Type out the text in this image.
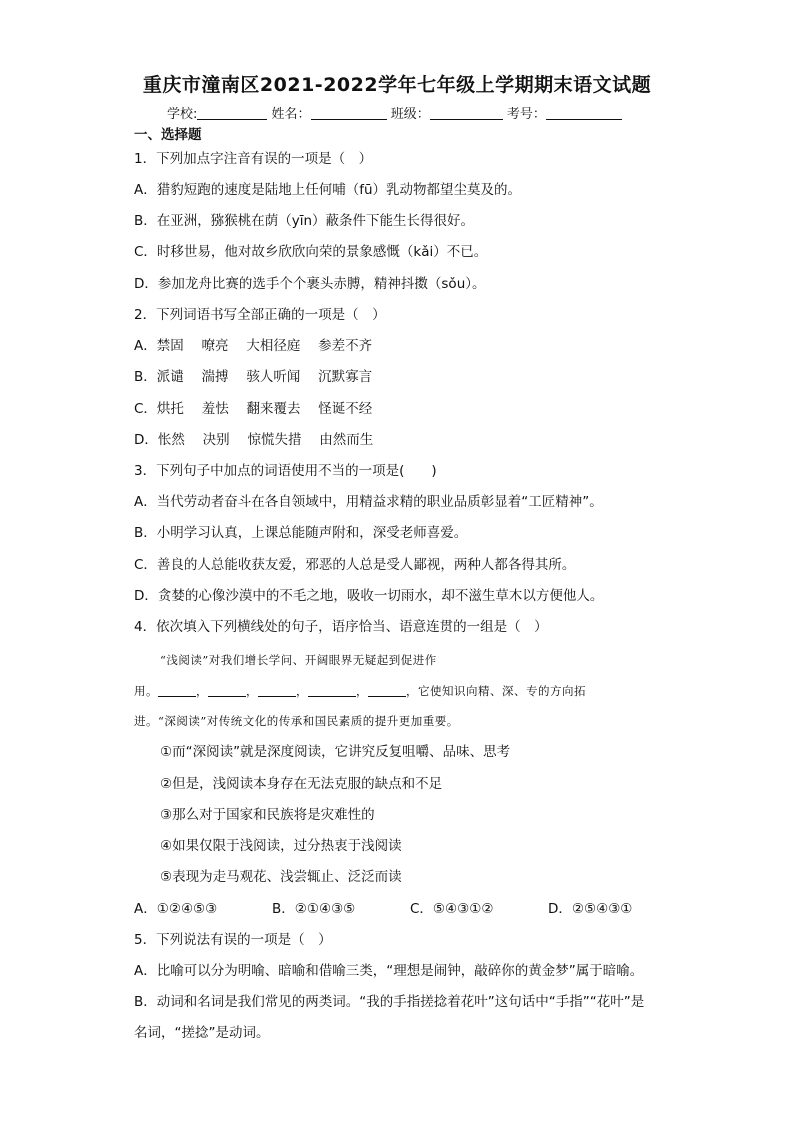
重庆市潼南区2021-2022学年七年级上学期期末语文试题
学校:	姓名：	班级：	考号：
一、选择题
1．下列加点字注音有误的一项是（　）
A．猎豹短跑的速度是陆地上任何哺（fū）乳动物都望尘莫及的。
B．在亚洲，猕猴桃在荫（yīn）蔽条件下能生长得很好。
C．时移世易，他对故乡欣欣向荣的景象感慨（kǎi）不已。
D．参加龙舟比赛的选手个个裹头赤膊，精神抖擞（sǒu）。
2．下列词语书写全部正确的一项是（　）
A．禁固　 嘹亮　 大相径庭　 参差不齐
B．派谴　 湍搏　 骇人听闻　 沉默寡言
C．烘托　 羞怯　 翻来覆去　 怪诞不经
D．怅然　 决别　 惊慌失措　 由然而生
3．下列句子中加点的词语使用不当的一项是(　　)
A．当代劳动者奋斗在各自领域中，用精益求精的职业品质彰显着“工匠精神”。
B．小明学习认真，上课总能随声附和，深受老师喜爱。
C．善良的人总能收获友爱，邪恶的人总是受人鄙视，两种人都各得其所。
D．贪婪的心像沙漠中的不毛之地，吸收一切雨水，却不滋生草木以方便他人。
4．依次填入下列横线处的句子，语序恰当、语意连贯的一组是（　）
“浅阅读”对我们增长学问、开阔眼界无疑起到促进作
用。	，	，	，	，	，它使知识向精、深、专的方向拓
进。“深阅读”对传统文化的传承和国民素质的提升更加重要。
①而“深阅读”就是深度阅读，它讲究反复咀嚼、品味、思考
②但是，浅阅读本身存在无法克服的缺点和不足
③那么对于国家和民族将是灾难性的
④如果仅限于浅阅读，过分热衷于浅阅读
⑤表现为走马观花、浅尝辄止、泛泛而读
A．①②④⑤③	B．②①④③⑤	C．⑤④③①②	D．②⑤④③①
5．下列说法有误的一项是（　）
A．比喻可以分为明喻、暗喻和借喻三类，“理想是闹钟，敲碎你的黄金梦”属于暗喻。
B．动词和名词是我们常见的两类词。“我的手指搓捻着花叶”这句话中“手指”“花叶”是
名词，“搓捻”是动词。
